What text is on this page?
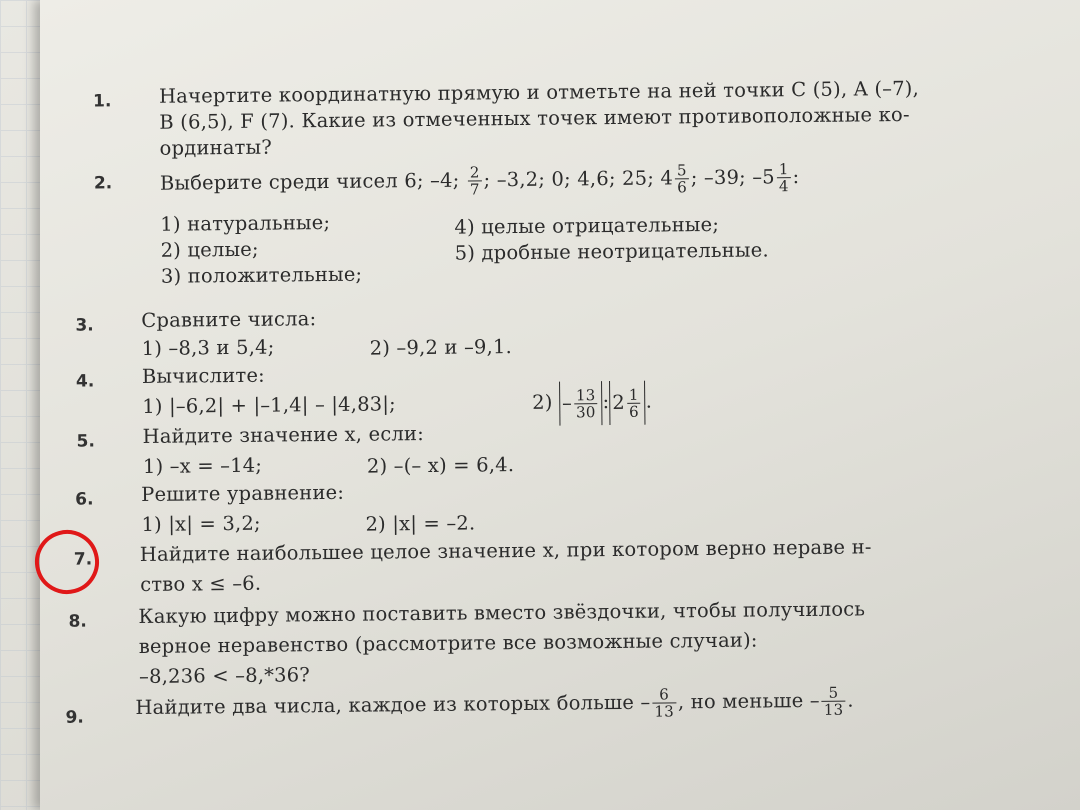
1. Начертите координатную прямую и отметьте на ней точки C (5), A (–7),
B (6,5), F (7). Какие из отмеченных точек имеют противоположные ко-
ординаты?
2. Выберите среди чисел 6; –4; $\frac{2}{7}$ ; –3,2; 0; 4,6; 25; $4 \frac{5}{6}$ ; –39; $-5 \frac{1}{4}$ :
1) натуральные;
2) целые;
3) положительные;
4) целые отрицательные;
5) дробные неотрицательные.
3. Сравните числа:
1) –8,3 и 5,4;	2) –9,2 и –9,1.
4. Вычислите:
1) |–6,2| + |–1,4| – |4,83|;	$2) - \frac{13}{30}$ : $2 \frac{1}{6}$ .
5. Найдите значение x, если:
1) –x = –14;	2) –(– x) = 6,4.
6. Решите уравнение:
1) |x| = 3,2;	2) |x| = –2.
7. Найдите наибольшее целое значение x, при котором верно нераве н-
ство x ≤ –6.
8.	Какую цифру можно поставить вместо звёздочки, чтобы получилось
верное неравенство (рассмотрите все возможные случаи):
–8,236 < –8,*36?
9.	Найдите два числа, каждое из которых больше – $\frac{6}{13}$ , но меньше – $\frac{5}{13}$ .
